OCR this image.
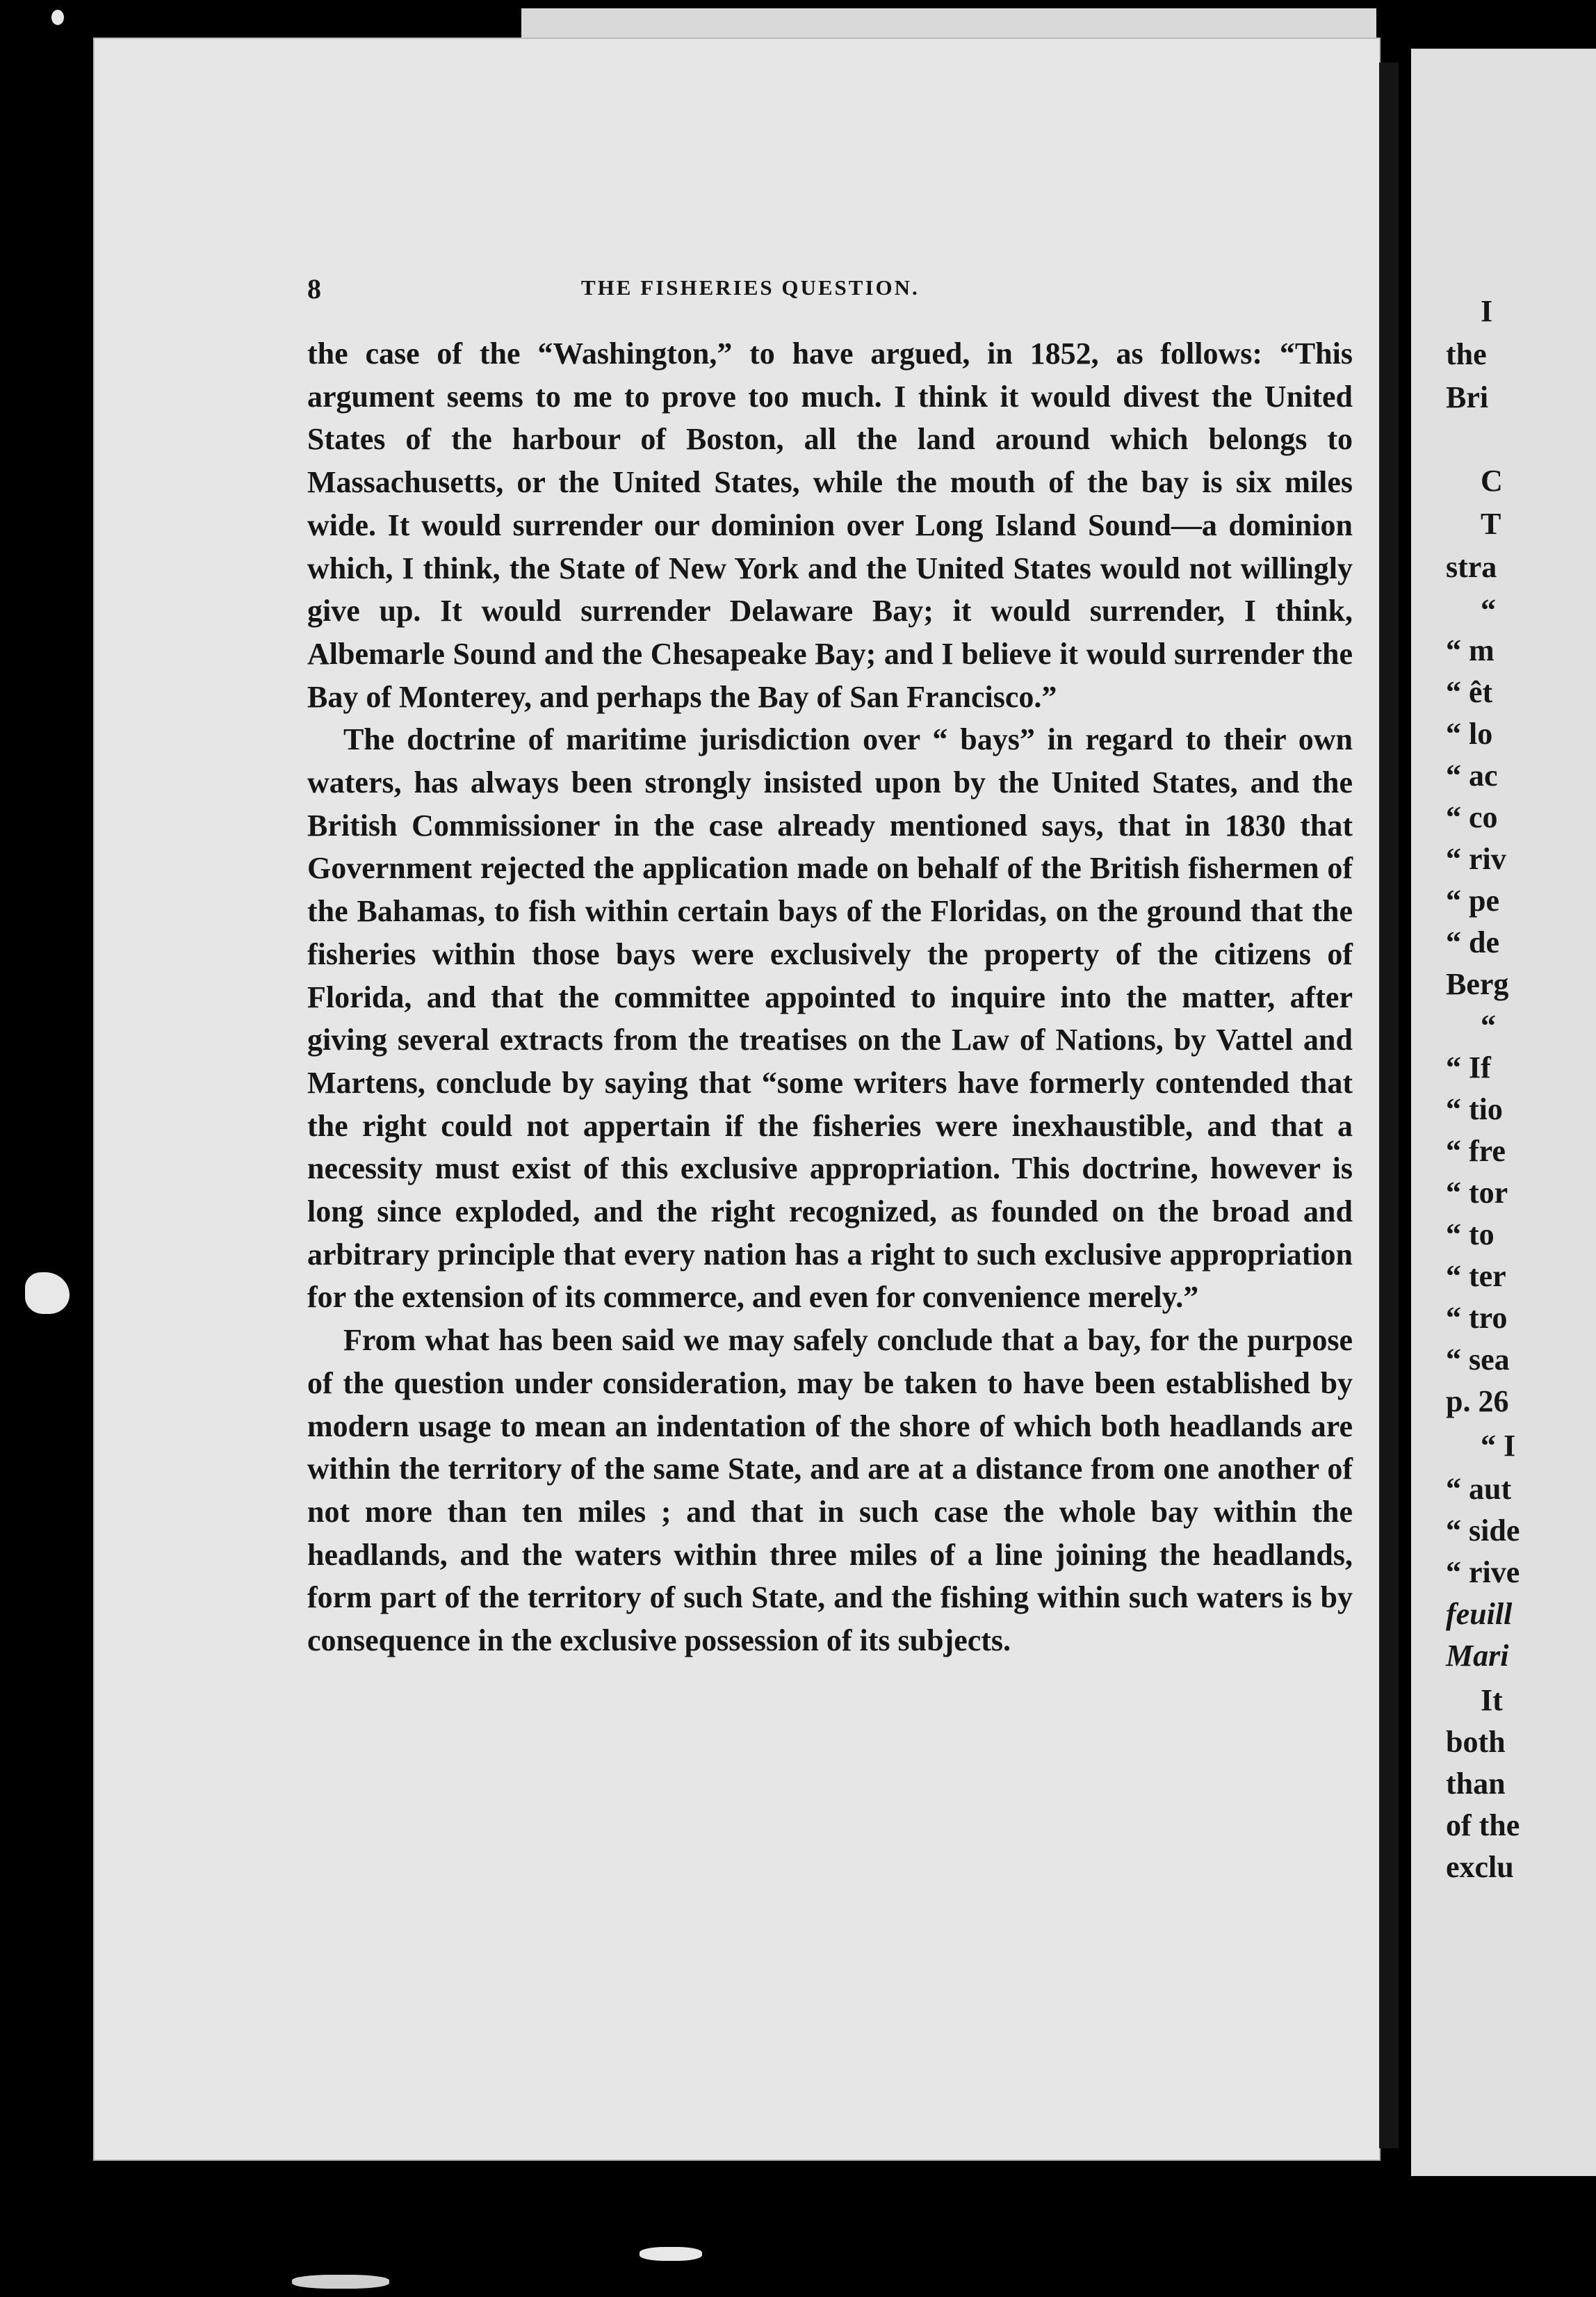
8	THE FISHERIES QUESTION.

the case of the “Washington,” to have argued, in 1852, as follows: “This argument seems to me to prove too much. I think it would divest the United States of the harbour of Boston, all the land around which belongs to Massachusetts, or the United States, while the mouth of the bay is six miles wide. It would surrender our dominion over Long Island Sound—a dominion which, I think, the State of New York and the United States would not willingly give up. It would surrender Delaware Bay; it would surrender, I think, Albemarle Sound and the Chesapeake Bay; and I believe it would surrender the Bay of Monterey, and perhaps the Bay of San Francisco.”

The doctrine of maritime jurisdiction over “ bays” in regard to their own waters, has always been strongly insisted upon by the United States, and the British Commissioner in the case already mentioned says, that in 1830 that Government rejected the application made on behalf of the British fishermen of the Bahamas, to fish within certain bays of the Floridas, on the ground that the fisheries within those bays were exclusively the property of the citizens of Florida, and that the committee appointed to inquire into the matter, after giving several extracts from the treatises on the Law of Nations, by Vattel and Martens, conclude by saying that “some writers have formerly contended that the right could not appertain if the fisheries were inexhaustible, and that a necessity must exist of this exclusive appropriation. This doctrine, however is long since exploded, and the right recognized, as founded on the broad and arbitrary principle that every nation has a right to such exclusive appropriation for the extension of its commerce, and even for convenience merely.”

From what has been said we may safely conclude that a bay, for the purpose of the question under consideration, may be taken to have been established by modern usage to mean an indentation of the shore of which both headlands are within the territory of the same State, and are at a distance from one another of not more than ten miles ; and that in such case the whole bay within the headlands, and the waters within three miles of a line joining the headlands, form part of the territory of such State, and the fishing within such waters is by consequence in the exclusive possession of its subjects.

I
the
Bri
C
T
stra
“
“ m
“ êt
“ lo
“ ac
“ co
“ riv
“ pe
“ de
Berg
“
“ If
“ tio
“ fre
“ tor
“ to
“ ter
“ tro
“ sea
p. 26
“ I
“ aut
“ side
“ rive
feuill
Mari
It
both
than
of the
exclu
